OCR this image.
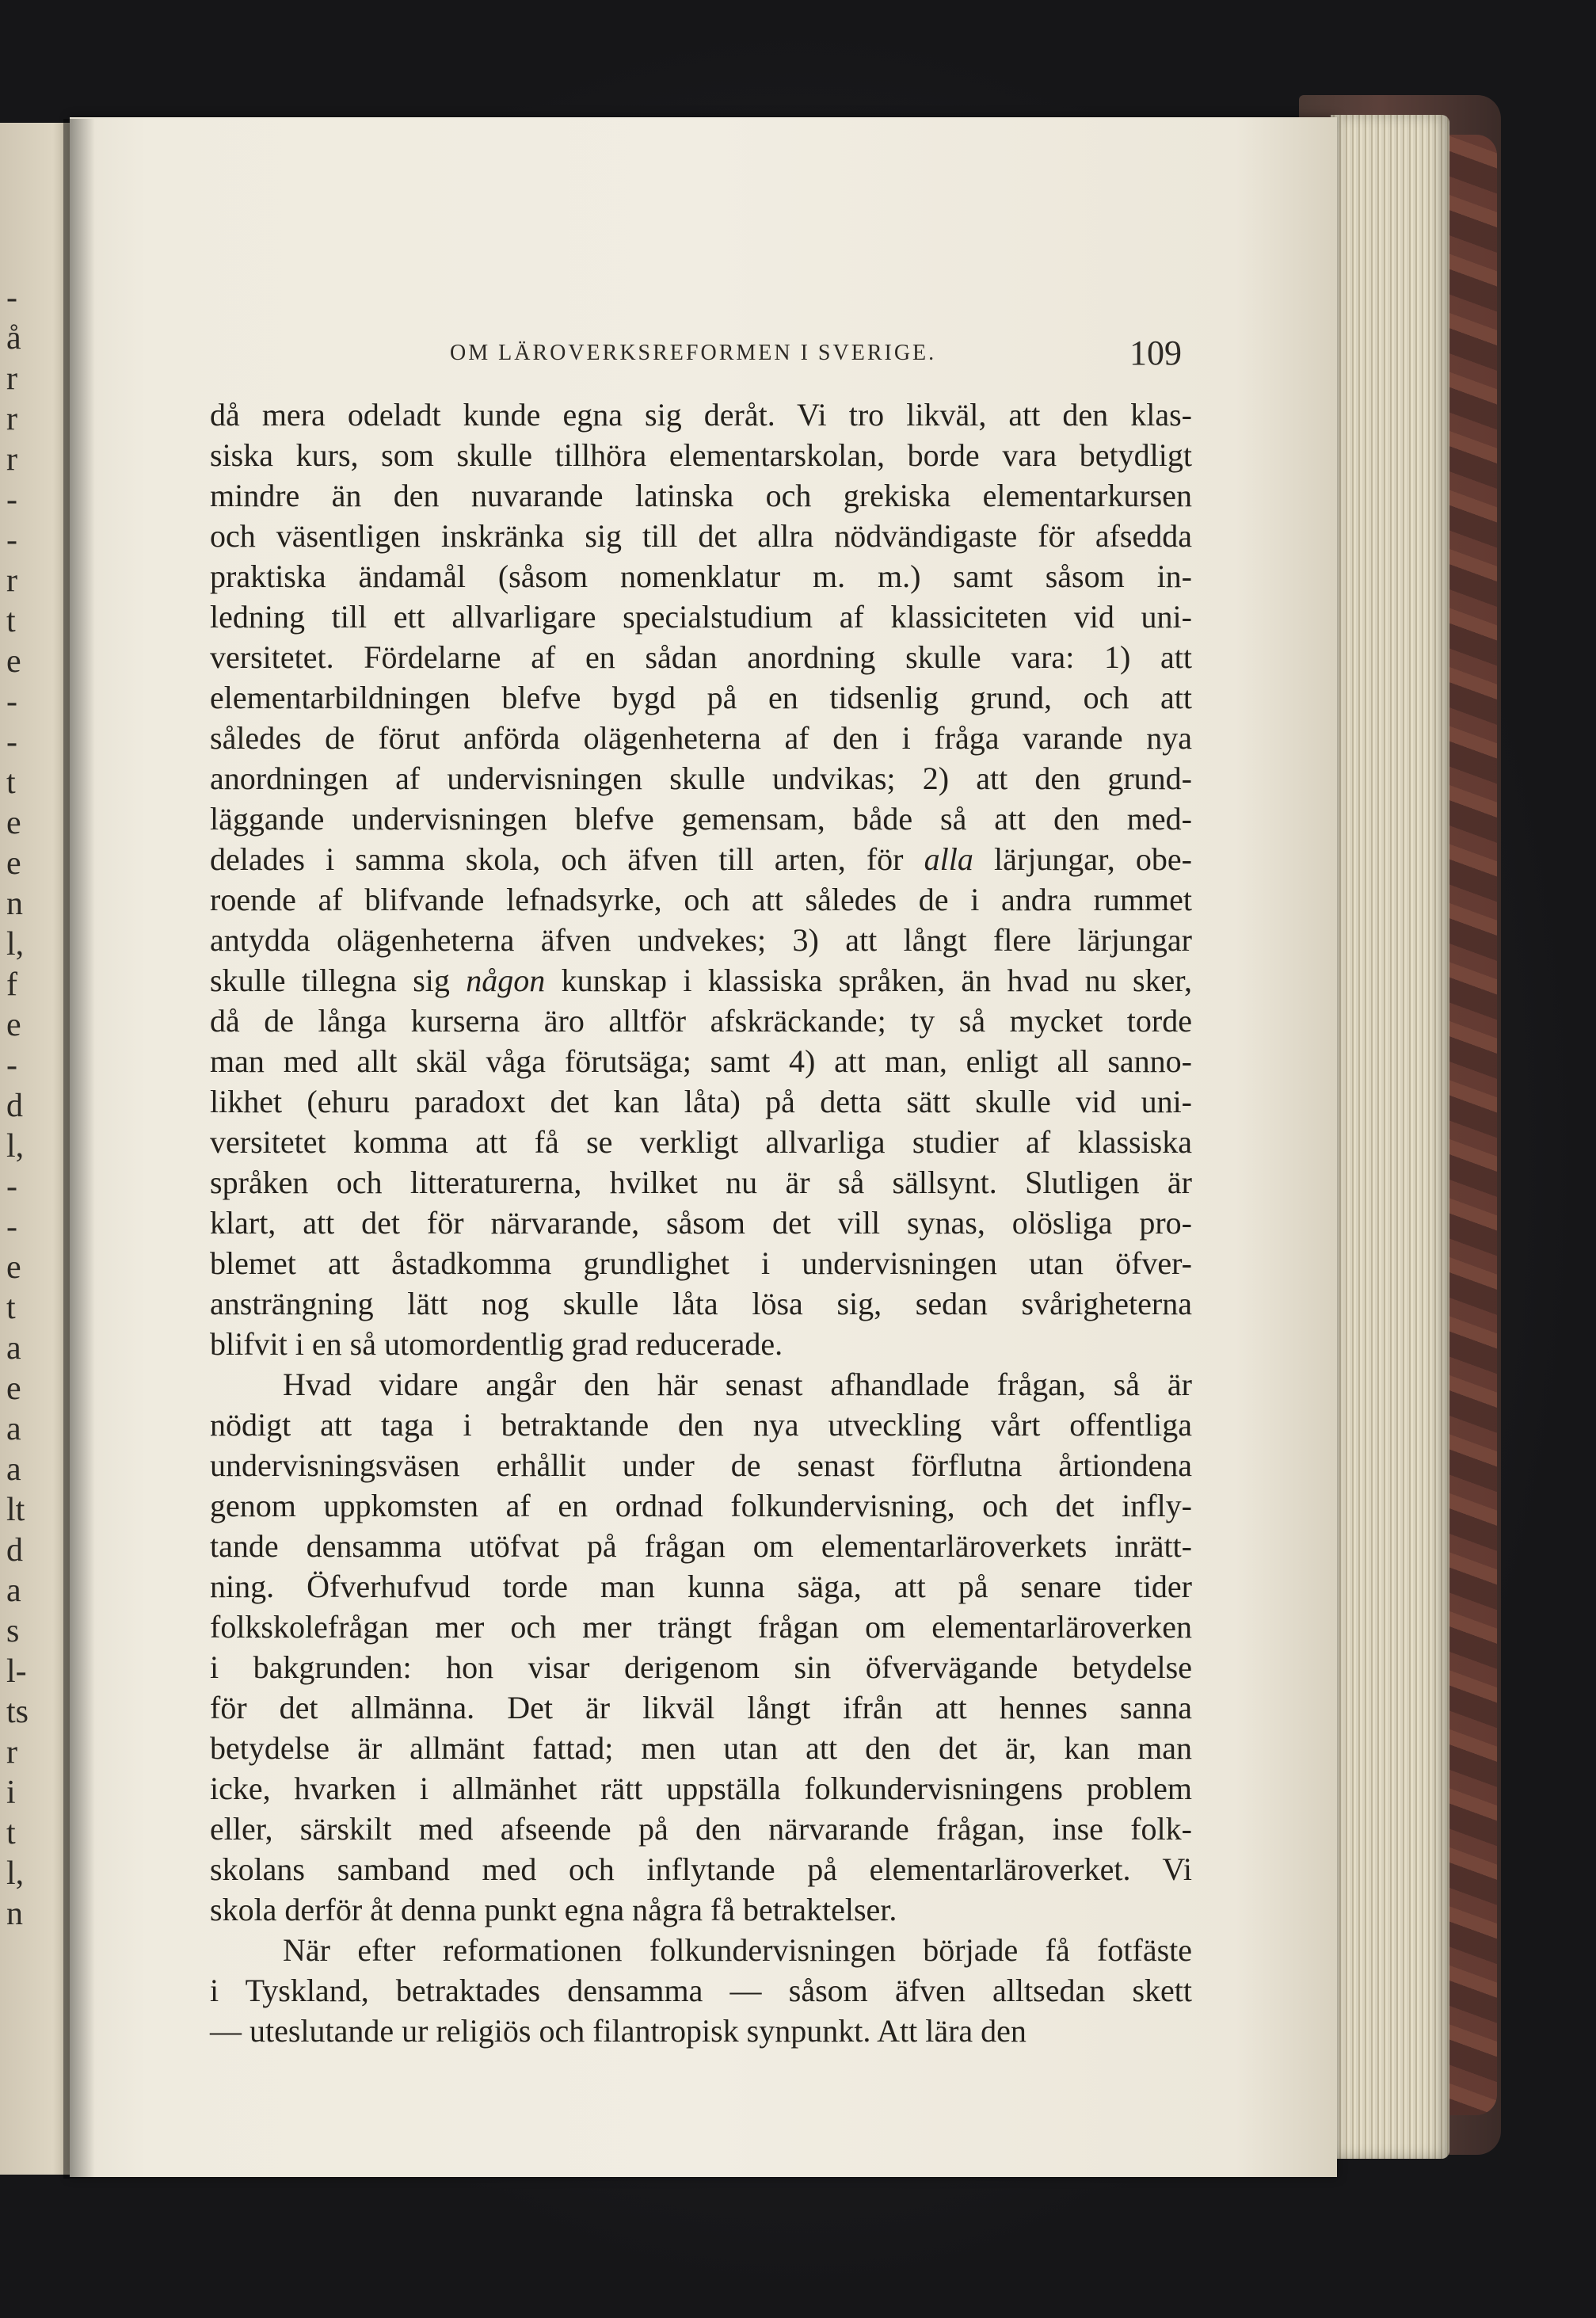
-
å
r
r
r
-
-
r
t
e
-
-
t
e
e
n
l,
f
e
-
d
l,
-
-
e
t
a
e
a
a
lt
d
a
s
l-
ts
r
i
t
l,
n
OM LÄROVERKSREFORMEN I SVERIGE.	109
då mera odeladt kunde egna sig deråt. Vi tro likväl, att den klas-
siska kurs, som skulle tillhöra elementarskolan, borde vara betydligt
mindre än den nuvarande latinska och grekiska elementarkursen
och väsentligen inskränka sig till det allra nödvändigaste för afsedda
praktiska ändamål (såsom nomenklatur m. m.) samt såsom in-
ledning till ett allvarligare specialstudium af klassiciteten vid uni-
versitetet. Fördelarne af en sådan anordning skulle vara: 1) att
elementarbildningen blefve bygd på en tidsenlig grund, och att
således de förut anförda olägenheterna af den i fråga varande nya
anordningen af undervisningen skulle undvikas; 2) att den grund-
läggande undervisningen blefve gemensam, både så att den med-
delades i samma skola, och äfven till arten, för alla lärjungar, obe-
roende af blifvande lefnadsyrke, och att således de i andra rummet
antydda olägenheterna äfven undvekes; 3) att långt flere lärjungar
skulle tillegna sig någon kunskap i klassiska språken, än hvad nu sker,
då de långa kurserna äro alltför afskräckande; ty så mycket torde
man med allt skäl våga förutsäga; samt 4) att man, enligt all sanno-
likhet (ehuru paradoxt det kan låta) på detta sätt skulle vid uni-
versitetet komma att få se verkligt allvarliga studier af klassiska
språken och litteraturerna, hvilket nu är så sällsynt. Slutligen är
klart, att det för närvarande, såsom det vill synas, olösliga pro-
blemet att åstadkomma grundlighet i undervisningen utan öfver-
ansträngning lätt nog skulle låta lösa sig, sedan svårigheterna
blifvit i en så utomordentlig grad reducerade.
Hvad vidare angår den här senast afhandlade frågan, så är
nödigt att taga i betraktande den nya utveckling vårt offentliga
undervisningsväsen erhållit under de senast förflutna årtiondena
genom uppkomsten af en ordnad folkundervisning, och det infly-
tande densamma utöfvat på frågan om elementarläroverkets inrätt-
ning. Öfverhufvud torde man kunna säga, att på senare tider
folkskolefrågan mer och mer trängt frågan om elementarläroverken
i bakgrunden: hon visar derigenom sin öfvervägande betydelse
för det allmänna. Det är likväl långt ifrån att hennes sanna
betydelse är allmänt fattad; men utan att den det är, kan man
icke, hvarken i allmänhet rätt uppställa folkundervisningens problem
eller, särskilt med afseende på den närvarande frågan, inse folk-
skolans samband med och inflytande på elementarläroverket. Vi
skola derför åt denna punkt egna några få betraktelser.
När efter reformationen folkundervisningen började få fotfäste
i Tyskland, betraktades densamma — såsom äfven alltsedan skett
— uteslutande ur religiös och filantropisk synpunkt. Att lära den
